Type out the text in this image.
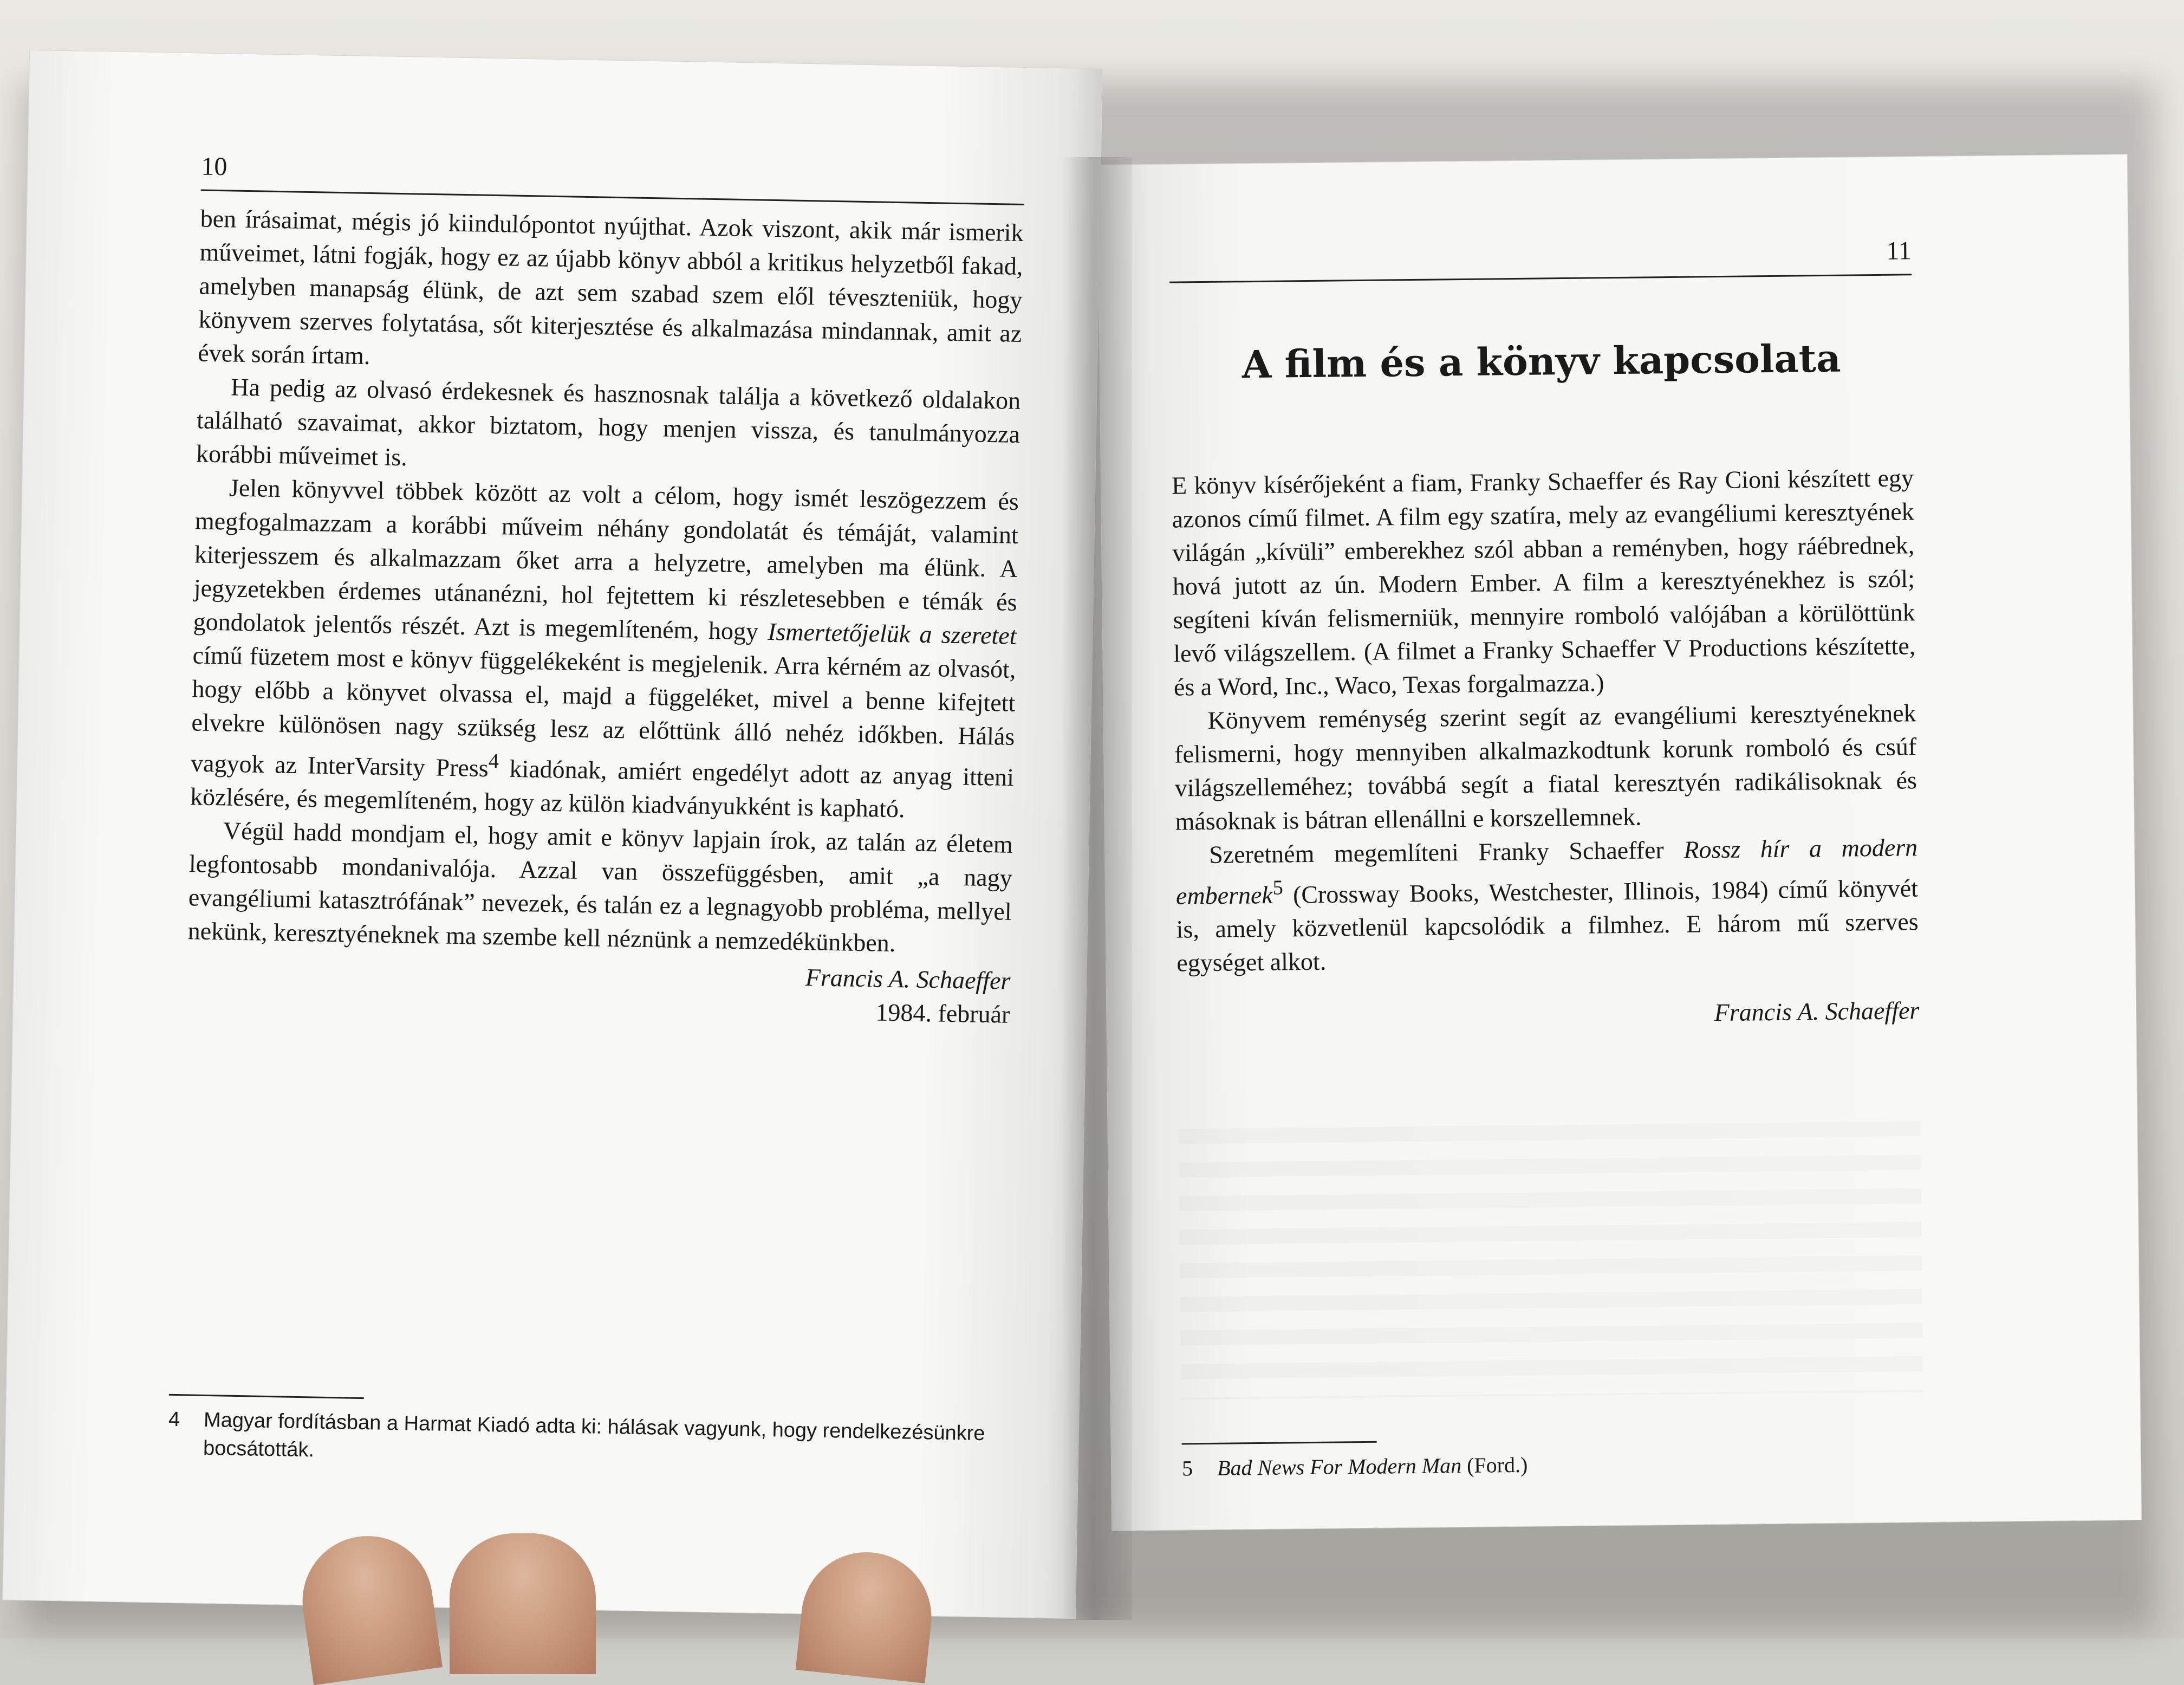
10

ben írásaimat, mégis jó kiindulópontot nyújthat. Azok viszont, akik már ismerik műveimet, látni fogják, hogy ez az újabb könyv abból a kritikus helyzetből fakad, amelyben manapság élünk, de azt sem szabad szem elől téveszteniük, hogy könyvem szerves folytatása, sőt kiterjesztése és alkalmazása mindannak, amit az évek során írtam.

Ha pedig az olvasó érdekesnek és hasznosnak találja a következő oldalakon található szavaimat, akkor biztatom, hogy menjen vissza, és tanulmányozza korábbi műveimet is.

Jelen könyvvel többek között az volt a célom, hogy ismét leszögezzem és megfogalmazzam a korábbi műveim néhány gondolatát és témáját, valamint kiterjesszem és alkalmazzam őket arra a helyzetre, amelyben ma élünk. A jegyzetekben érdemes utánanézni, hol fejtettem ki részletesebben e témák és gondolatok jelentős részét. Azt is megemlíteném, hogy Ismertetőjelük a szeretet című füzetem most e könyv függelékeként is megjelenik. Arra kérném az olvasót, hogy előbb a könyvet olvassa el, majd a függeléket, mivel a benne kifejtett elvekre különösen nagy szükség lesz az előttünk álló nehéz időkben. Hálás vagyok az InterVarsity Press$^4$ kiadónak, amiért engedélyt adott az anyag itteni közlésére, és megemlíteném, hogy az külön kiadványukként is kapható.

Végül hadd mondjam el, hogy amit e könyv lapjain írok, az talán az életem legfontosabb mondanivalója. Azzal van összefüggésben, amit „a nagy evangéliumi katasztrófának” nevezek, és talán ez a legnagyobb probléma, mellyel nekünk, keresztyéneknek ma szembe kell néznünk a nemzedékünkben.

Francis A. Schaeffer
1984. február
4	Magyar fordításban a Harmat Kiadó adta ki: hálásak vagyunk, hogy rendelkezésünkre bocsátották.
11
A film és a könyv kapcsolata

E könyv kísérőjeként a fiam, Franky Schaeffer és Ray Cioni készített egy azonos című filmet. A film egy szatíra, mely az evangéliumi keresztyének világán „kívüli” emberekhez szól abban a reményben, hogy ráébrednek, hová jutott az ún. Modern Ember. A film a keresztyénekhez is szól; segíteni kíván felismerniük, mennyire romboló valójában a körülöttünk levő világszellem. (A filmet a Franky Schaeffer V Productions készítette, és a Word, Inc., Waco, Texas forgalmazza.)

Könyvem reménység szerint segít az evangéliumi keresztyéneknek felismerni, hogy mennyiben alkalmazkodtunk korunk romboló és csúf világszelleméhez; továbbá segít a fiatal keresztyén radikálisoknak és másoknak is bátran ellenállni e korszellemnek.

Szeretném megemlíteni Franky Schaeffer Rossz hír a modern embernek$^5$ (Crossway Books, Westchester, Illinois, 1984) című könyvét is, amely közvetlenül kapcsolódik a filmhez. E három mű szerves egységet alkot.

Francis A. Schaeffer
5	Bad News For Modern Man (Ford.)
